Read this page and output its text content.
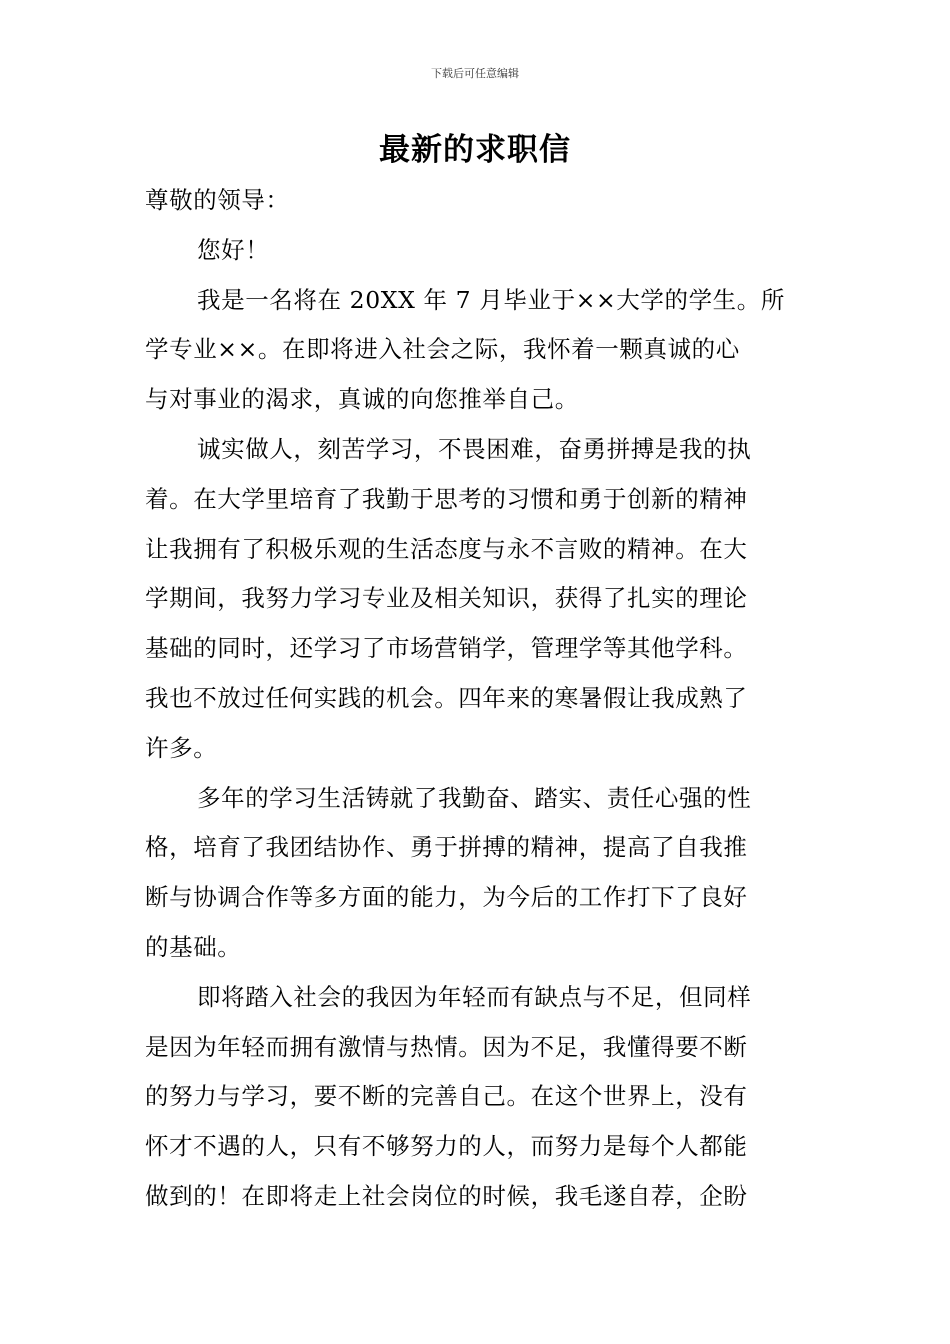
下载后可任意编辑
最新的求职信
尊敬的领导：
您好！
我是一名将在 20XX 年 7 月毕业于××大学的学生。所
学专业××。在即将进入社会之际，我怀着一颗真诚的心
与对事业的渴求，真诚的向您推举自己。
诚实做人，刻苦学习，不畏困难，奋勇拼搏是我的执
着。在大学里培育了我勤于思考的习惯和勇于创新的精神
让我拥有了积极乐观的生活态度与永不言败的精神。在大
学期间，我努力学习专业及相关知识，获得了扎实的理论
基础的同时，还学习了市场营销学，管理学等其他学科。
我也不放过任何实践的机会。四年来的寒暑假让我成熟了
许多。
多年的学习生活铸就了我勤奋、踏实、责任心强的性
格，培育了我团结协作、勇于拼搏的精神，提高了自我推
断与协调合作等多方面的能力，为今后的工作打下了良好
的基础。
即将踏入社会的我因为年轻而有缺点与不足，但同样
是因为年轻而拥有激情与热情。因为不足，我懂得要不断
的努力与学习，要不断的完善自己。在这个世界上，没有
怀才不遇的人，只有不够努力的人，而努力是每个人都能
做到的！在即将走上社会岗位的时候，我毛遂自荐，企盼
